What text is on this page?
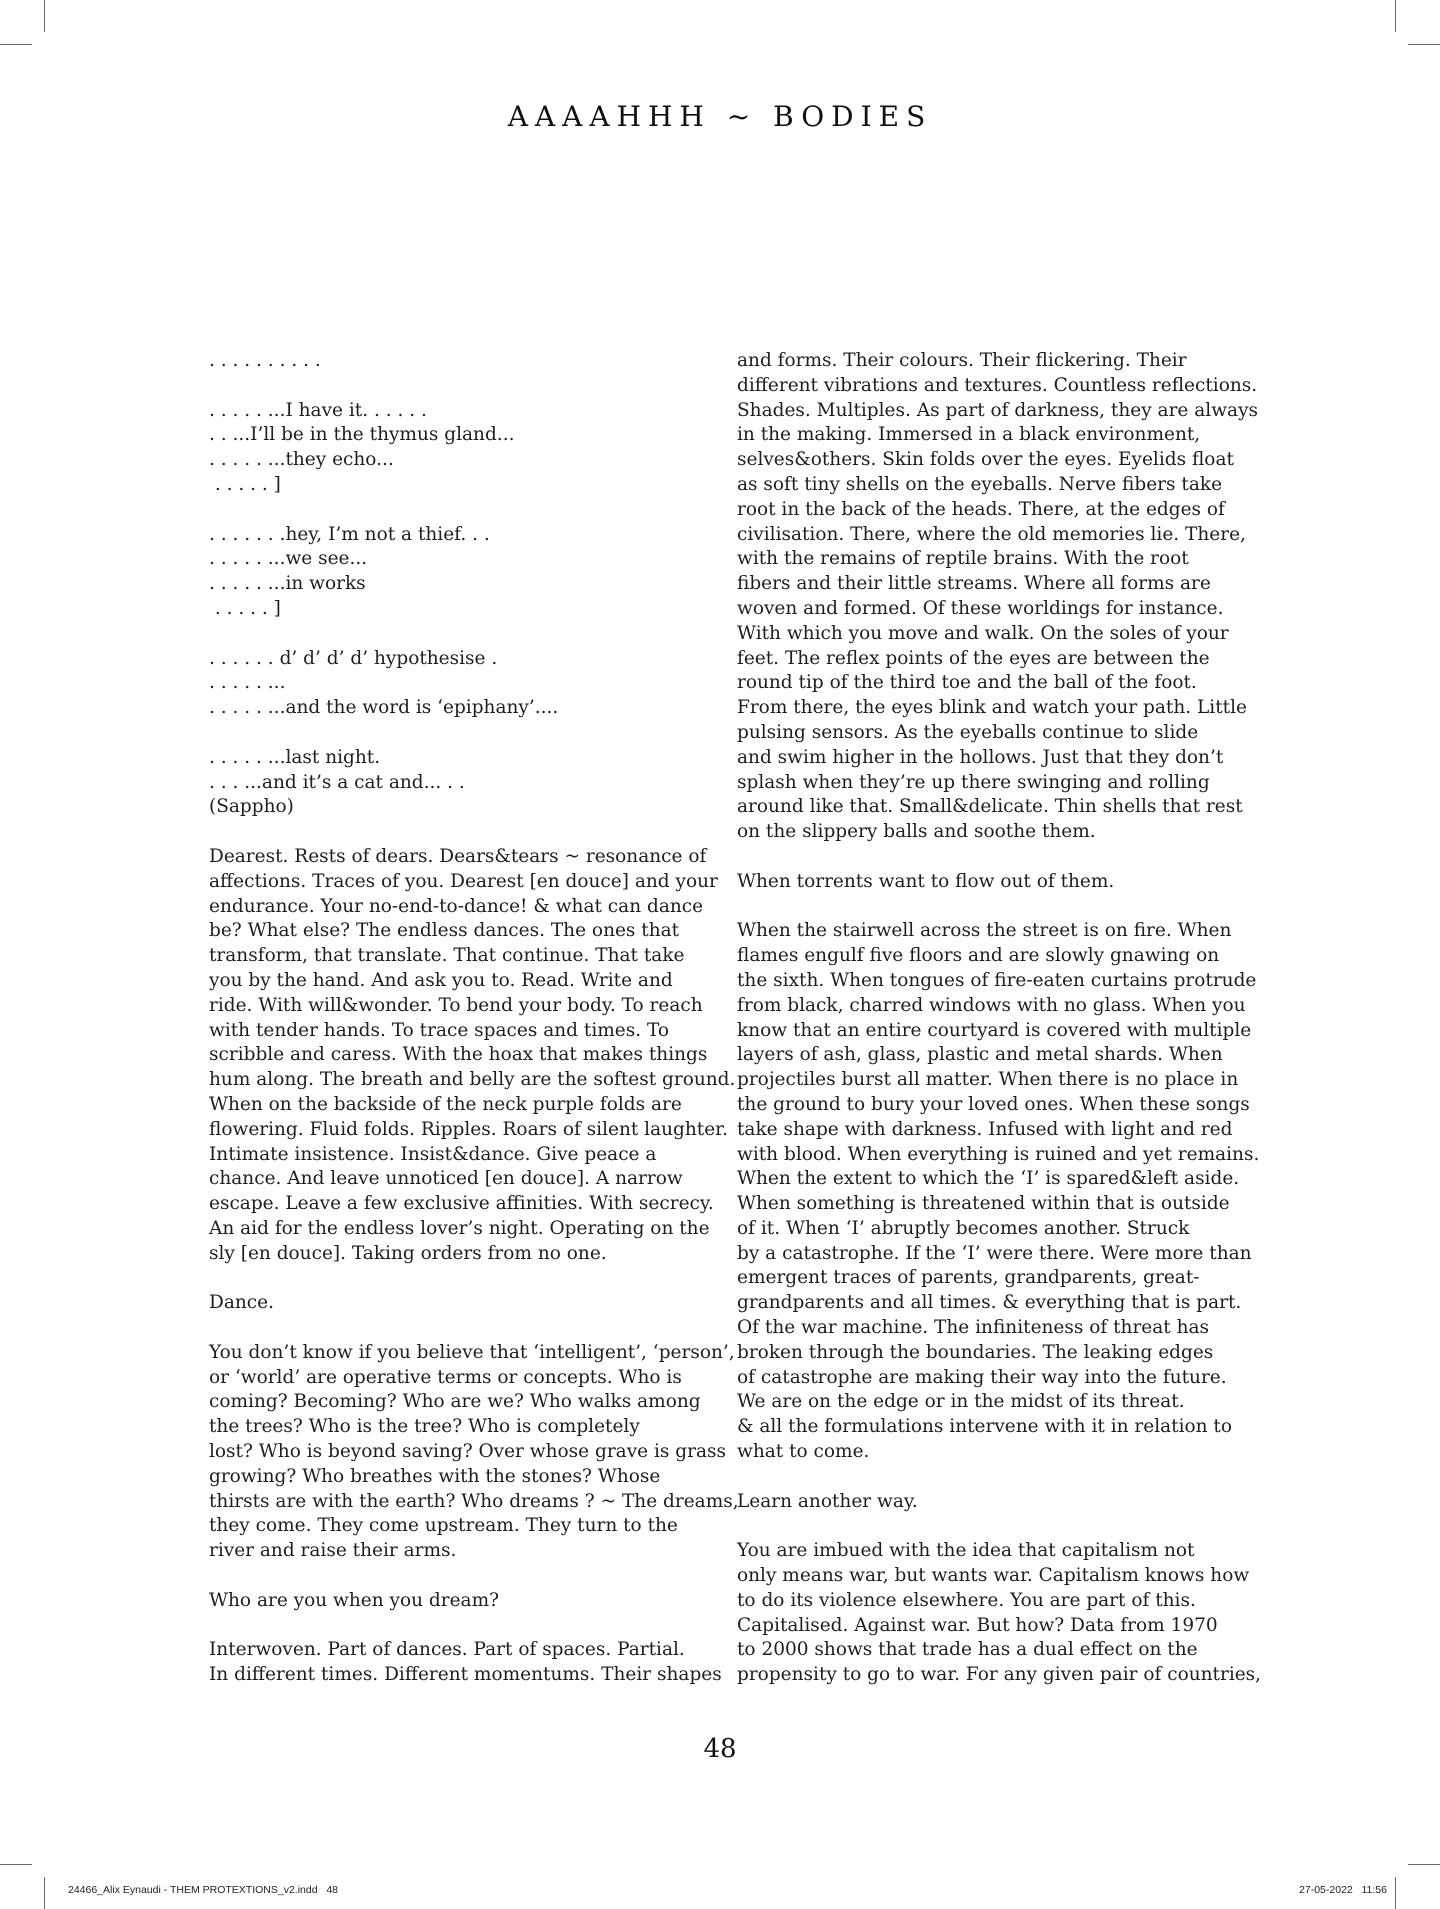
AAAAHHH ~ BODIES
. . . . . . . . . .
. . . . . ...I have it. . . . . .
. . ...I’ll be in the thymus gland...
. . . . . ...they echo...
. . . . . ]
. . . . . . .hey, I’m not a thief. . .
. . . . . ...we see...
. . . . . ...in works
. . . . . ]
. . . . . . d’ d’ d’ d’ hypothesise .
. . . . . ...
. . . . . ...and the word is ‘epiphany’....
. . . . . ...last night.
. . . ...and it’s a cat and... . .
(Sappho)
Dearest. Rests of dears. Dears&tears ~ resonance of
affections. Traces of you. Dearest [en douce] and your
endurance. Your no-end-to-dance! & what can dance
be? What else? The endless dances. The ones that
transform, that translate. That continue. That take
you by the hand. And ask you to. Read. Write and
ride. With will&wonder. To bend your body. To reach
with tender hands. To trace spaces and times. To
scribble and caress. With the hoax that makes things
hum along. The breath and belly are the softest ground.
When on the backside of the neck purple folds are
flowering. Fluid folds. Ripples. Roars of silent laughter.
Intimate insistence. Insist&dance. Give peace a
chance. And leave unnoticed [en douce]. A narrow
escape. Leave a few exclusive affinities. With secrecy.
An aid for the endless lover’s night. Operating on the
sly [en douce]. Taking orders from no one.
Dance.
You don’t know if you believe that ‘intelligent’, ‘person’,
or ‘world’ are operative terms or concepts. Who is
coming? Becoming? Who are we? Who walks among
the trees? Who is the tree? Who is completely
lost? Who is beyond saving? Over whose grave is grass
growing? Who breathes with the stones? Whose
thirsts are with the earth? Who dreams ? ~ The dreams,
they come. They come upstream. They turn to the
river and raise their arms.
Who are you when you dream?
Interwoven. Part of dances. Part of spaces. Partial.
In different times. Different momentums. Their shapes
and forms. Their colours. Their flickering. Their
different vibrations and textures. Countless reflections.
Shades. Multiples. As part of darkness, they are always
in the making. Immersed in a black environment,
selves&others. Skin folds over the eyes. Eyelids float
as soft tiny shells on the eyeballs. Nerve fibers take
root in the back of the heads. There, at the edges of
civilisation. There, where the old memories lie. There,
with the remains of reptile brains. With the root
fibers and their little streams. Where all forms are
woven and formed. Of these worldings for instance.
With which you move and walk. On the soles of your
feet. The reflex points of the eyes are between the
round tip of the third toe and the ball of the foot.
From there, the eyes blink and watch your path. Little
pulsing sensors. As the eyeballs continue to slide
and swim higher in the hollows. Just that they don’t
splash when they’re up there swinging and rolling
around like that. Small&delicate. Thin shells that rest
on the slippery balls and soothe them.
When torrents want to flow out of them.
When the stairwell across the street is on fire. When
flames engulf five floors and are slowly gnawing on
the sixth. When tongues of fire-eaten curtains protrude
from black, charred windows with no glass. When you
know that an entire courtyard is covered with multiple
layers of ash, glass, plastic and metal shards. When
projectiles burst all matter. When there is no place in
the ground to bury your loved ones. When these songs
take shape with darkness. Infused with light and red
with blood. When everything is ruined and yet remains.
When the extent to which the ‘I’ is spared&left aside.
When something is threatened within that is outside
of it. When ‘I’ abruptly becomes another. Struck
by a catastrophe. If the ‘I’ were there. Were more than
emergent traces of parents, grandparents, great-
grandparents and all times. & everything that is part.
Of the war machine. The infiniteness of threat has
broken through the boundaries. The leaking edges
of catastrophe are making their way into the future.
We are on the edge or in the midst of its threat.
& all the formulations intervene with it in relation to
what to come.
Learn another way.
You are imbued with the idea that capitalism not
only means war, but wants war. Capitalism knows how
to do its violence elsewhere. You are part of this.
Capitalised. Against war. But how? Data from 1970
to 2000 shows that trade has a dual effect on the
propensity to go to war. For any given pair of countries,
48
24466_Alix Eynaudi - THEM PROTEXTIONS_v2.indd   48	27-05-2022   11:56
